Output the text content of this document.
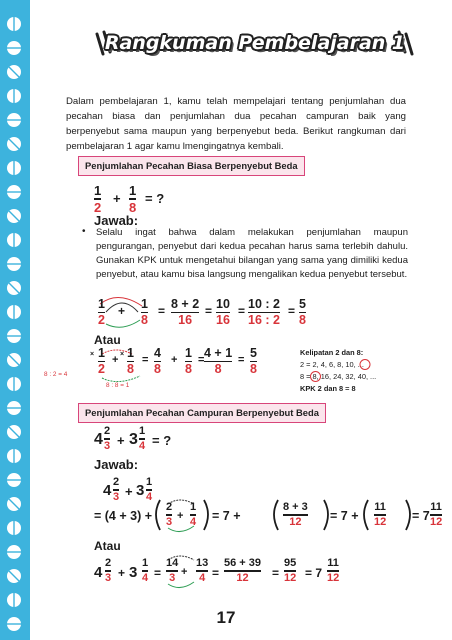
Rangkuman Pembelajaran 1
Dalam pembelajaran 1, kamu telah mempelajari tentang penjumlahan dua pecahan biasa dan penjumlahan dua pecahan campuran baik yang berpenyebut sama maupun yang berpenyebut beda. Berikut rangkuman dari pembelajaran 1 agar kamu lmengingatnya kembali.
Penjumlahan Pecahan Biasa Berpenyebut Beda
1
2
+
1
8
= ?
Jawab:
• Selalu ingat bahwa dalam melakukan penjumlahan maupun pengurangan, penyebut dari kedua pecahan harus sama terlebih dahulu. Gunakan KPK untuk mengetahui bilangan yang sama yang dimiliki kedua penyebut, atau kamu bisa langsung mengalikan kedua penyebut tersebut.
1
2
+ 1
8
= 8 + 2
16
= 10
16
= 10 : 2
16 : 2
= 5
8
Atau
× 1
2
+ × 1
8
= 4
8
+ 1
8
= 4 + 1
8
= 5
8
8 : 2 = 4
8 : 8 = 1
Kelipatan 2 dan 8:
2 = 2, 4, 6, 8, 10, ...
8 = 8, 16, 24, 32, 40, ...
KPK 2 dan 8 = 8
Penjumlahan Pecahan Campuran Berpenyebut Beda
4 2
3 + 3 1
4 = ?
Jawab:
4 2
3 + 3 1
4
= (4 + 3) +
2
3 +
1
4 = 7 +
8 + 3
12 = 7 +
11
12 = 7
11
12
Atau
4
2
3 + 3
1
4 =
14
3 +
13
4 =
56 + 39
12 =
95
12 = 7
11
12
17
